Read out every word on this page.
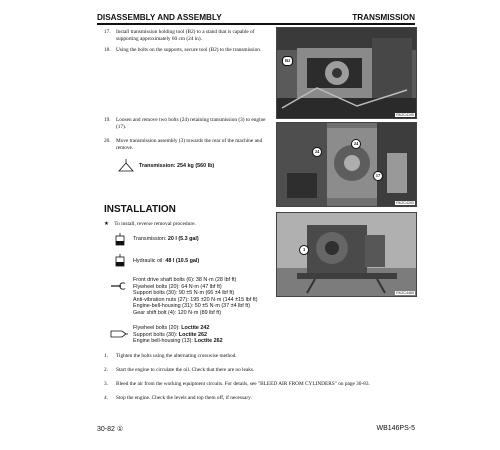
DISASSEMBLY AND ASSEMBLY	TRANSMISSION
17. Install transmission holding tool (B2) to a stand that is capable of supporting approximately 60 cm (24 in).
18. Using the bolts on the supports, secure tool (B2) to the transmission.
19. Loosen and remove two bolts (24) retaining transmission (3) to engine (17).
20. Move transmission assembly (3) towards the rear of the machine and remove.
Transmission: 254 kg (560 lb)
B2
RKZC4190
24
24
17
RKZC4200
INSTALLATION
★ To install, reverse removal procedure.
Transmission: 20 l (5.3 gal)
Hydraulic oil: 48 l (10.5 gal)
Front drive shaft bolts (6): 38 N·m (28 lbf ft)
Flywheel bolts (20): 64 N·m (47 lbf ft)
Support bolts (30): 90 ±5 N·m (66 ±4 lbf ft)
Anti-vibration nuts (27): 195 ±20 N·m (144 ±15 lbf ft)
Engine-bell-housing (31): 50 ±5 N·m (37 ±4 lbf ft)
Gear shift bolt (4): 120 N·m (89 lbf ft)
Flywheel bolts (20): Loctite 242
Support bolts (30): Loctite 262
Engine bell-housing (13): Loctite 262
3
RKZC4460
1. Tighten the bolts using the alternating crosswise method.
2. Start the engine to circulate the oil. Check that there are no leaks.
3. Bleed the air from the working equipment circuits. For details, see "BLEED AIR FROM CYLINDERS" on page 30-83.
4. Stop the engine. Check the levels and top them off, if necessary.
30-82 ①	WB146PS-5
